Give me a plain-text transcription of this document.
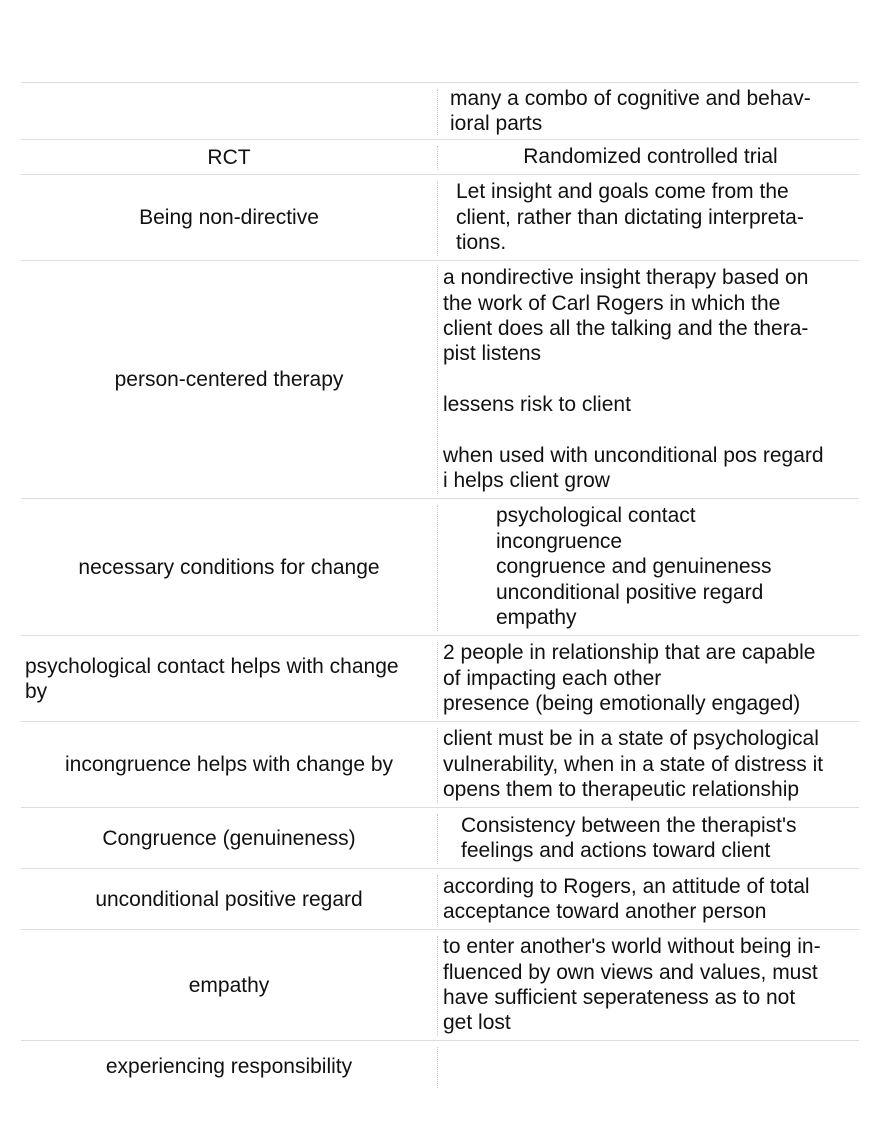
many a combo of cognitive and behav-
ioral parts
RCT	Randomized controlled trial
Being non-directive
Let insight and goals come from the
client, rather than dictating interpreta-
tions.
person-centered therapy
a nondirective insight therapy based on
the work of Carl Rogers in which the
client does all the talking and the thera-
pist listens

lessens risk to client

when used with unconditional pos regard
i helps client grow
necessary conditions for change
psychological contact
incongruence
congruence and genuineness
unconditional positive regard
empathy
psychological contact helps with change
by
2 people in relationship that are capable
of impacting each other
presence (being emotionally engaged)
incongruence helps with change by
client must be in a state of psychological
vulnerability, when in a state of distress it
opens them to therapeutic relationship
Congruence (genuineness)
Consistency between the therapist's
feelings and actions toward client
unconditional positive regard
according to Rogers, an attitude of total
acceptance toward another person
empathy
to enter another's world without being in-
fluenced by own views and values, must
have sufficient seperateness as to not
get lost
experiencing responsibility
